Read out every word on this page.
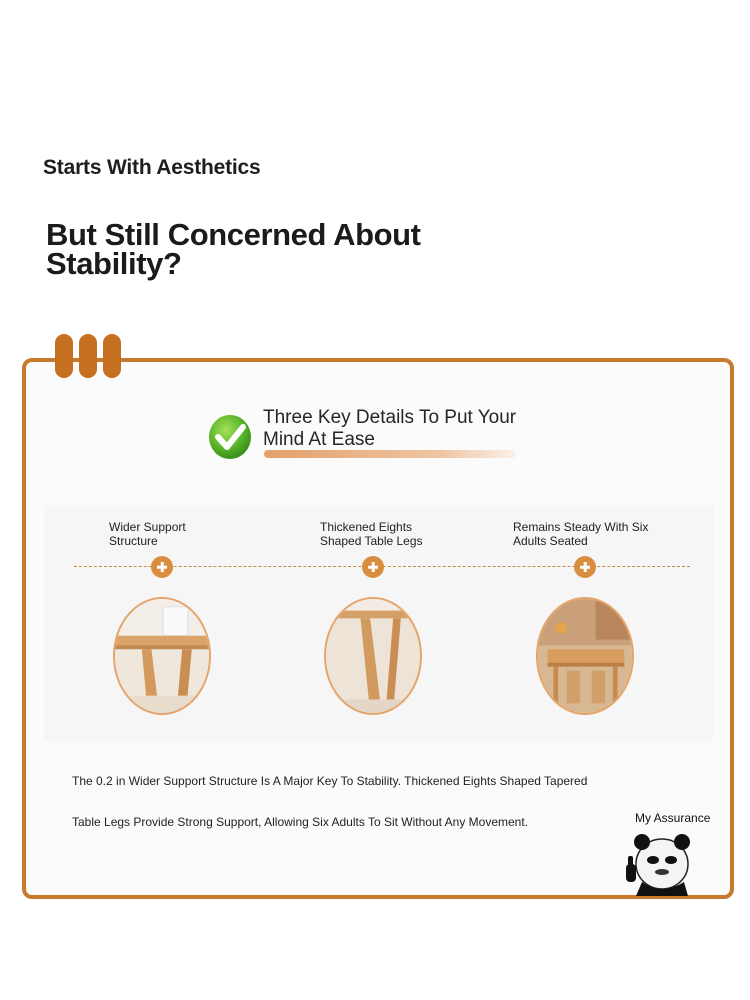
Starts With Aesthetics
But Still Concerned About Stability?
Three Key Details To Put Your Mind At Ease
Wider Support Structure
Thickened Eights Shaped Table Legs
Remains Steady With Six Adults Seated
The 0.2 in Wider Support Structure Is A Major Key To Stability. Thickened Eights Shaped Tapered
Table Legs Provide Strong Support, Allowing Six Adults To Sit Without Any Movement.	My Assurance
